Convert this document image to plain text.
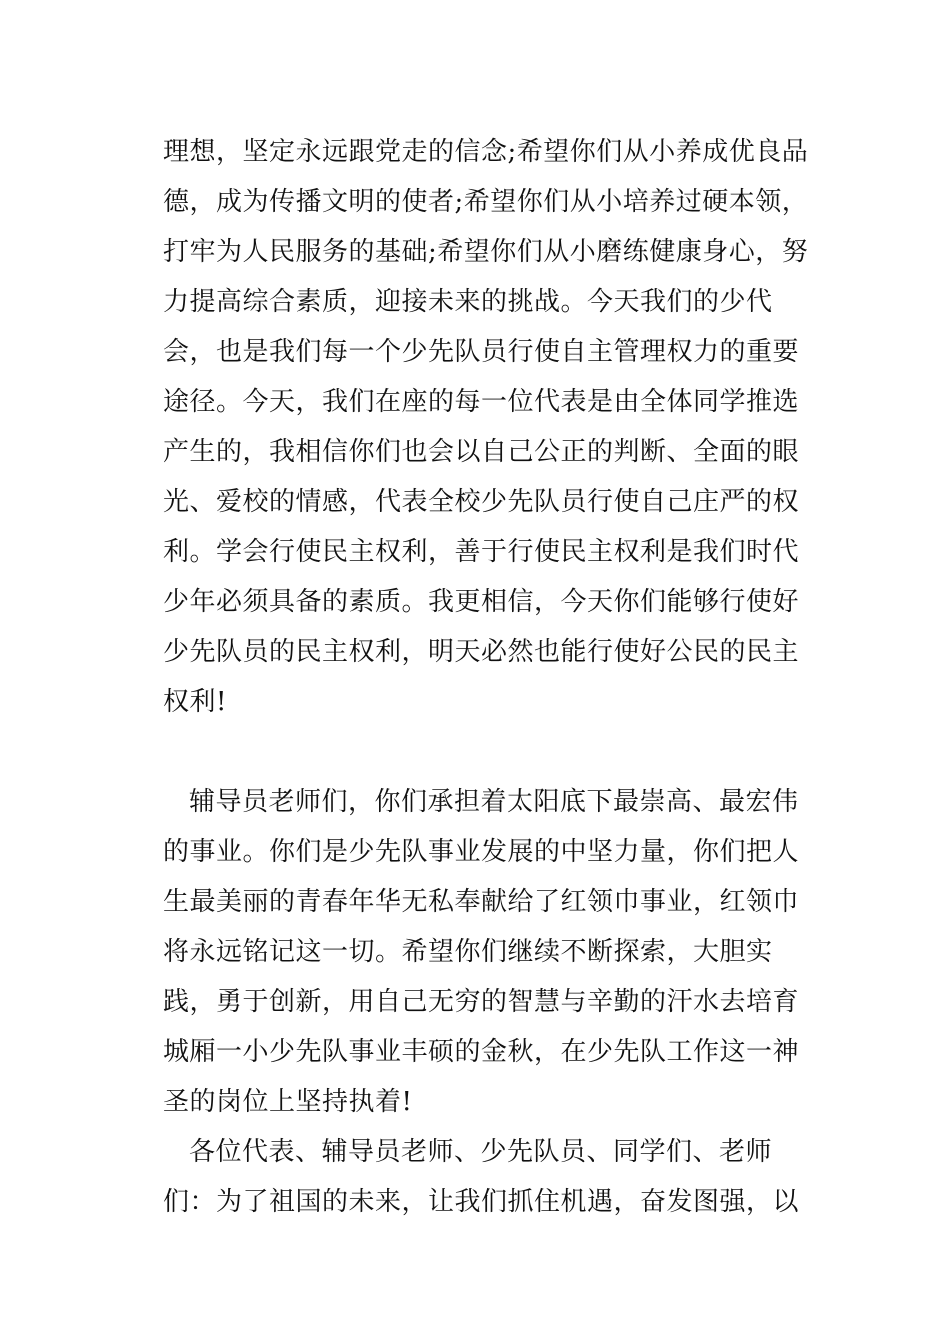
理想，坚定永远跟党走的信念;希望你们从小养成优良品
德，成为传播文明的使者;希望你们从小培养过硬本领，
打牢为人民服务的基础;希望你们从小磨练健康身心，努
力提高综合素质，迎接未来的挑战。今天我们的少代
会，也是我们每一个少先队员行使自主管理权力的重要
途径。今天，我们在座的每一位代表是由全体同学推选
产生的，我相信你们也会以自己公正的判断、全面的眼
光、爱校的情感，代表全校少先队员行使自己庄严的权
利。学会行使民主权利，善于行使民主权利是我们时代
少年必须具备的素质。我更相信，今天你们能够行使好
少先队员的民主权利，明天必然也能行使好公民的民主
权利!
辅导员老师们，你们承担着太阳底下最崇高、最宏伟
的事业。你们是少先队事业发展的中坚力量，你们把人
生最美丽的青春年华无私奉献给了红领巾事业，红领巾
将永远铭记这一切。希望你们继续不断探索，大胆实
践，勇于创新，用自己无穷的智慧与辛勤的汗水去培育
城厢一小少先队事业丰硕的金秋，在少先队工作这一神
圣的岗位上坚持执着!
各位代表、辅导员老师、少先队员、同学们、老师
们：为了祖国的未来，让我们抓住机遇，奋发图强，以
